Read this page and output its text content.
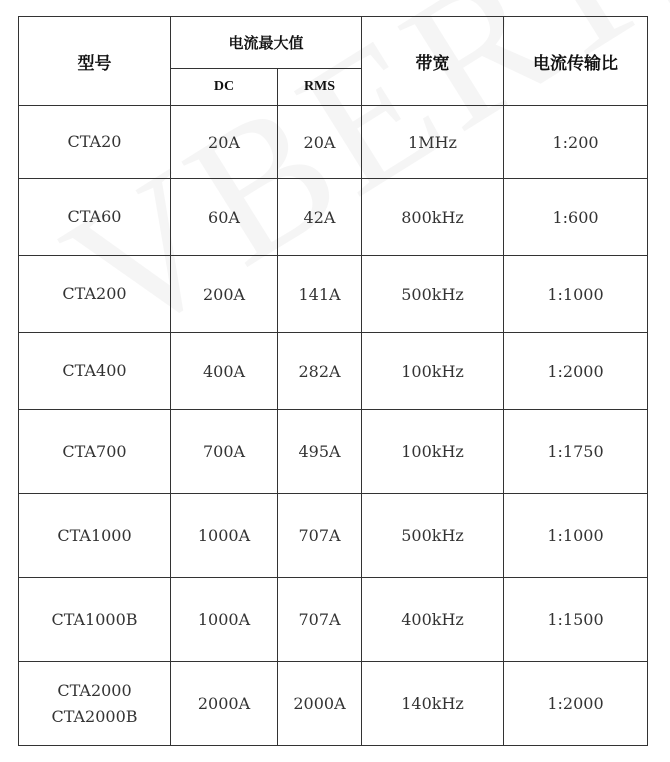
型号	电流最大值		带宽	电流传输比
	DC	RMS		

CTA20	20A	20A	1MHz	1:200

CTA60	60A	42A	800kHz	1:600

CTA200	200A	141A	500kHz	1:1000

CTA400	400A	282A	100kHz	1:2000

CTA700	700A	495A	100kHz	1:1750

CTA1000	1000A	707A	500kHz	1:1000

CTA1000B	1000A	707A	400kHz	1:1500

CTA2000
CTA2000B	2000A	2000A	140kHz	1:2000
